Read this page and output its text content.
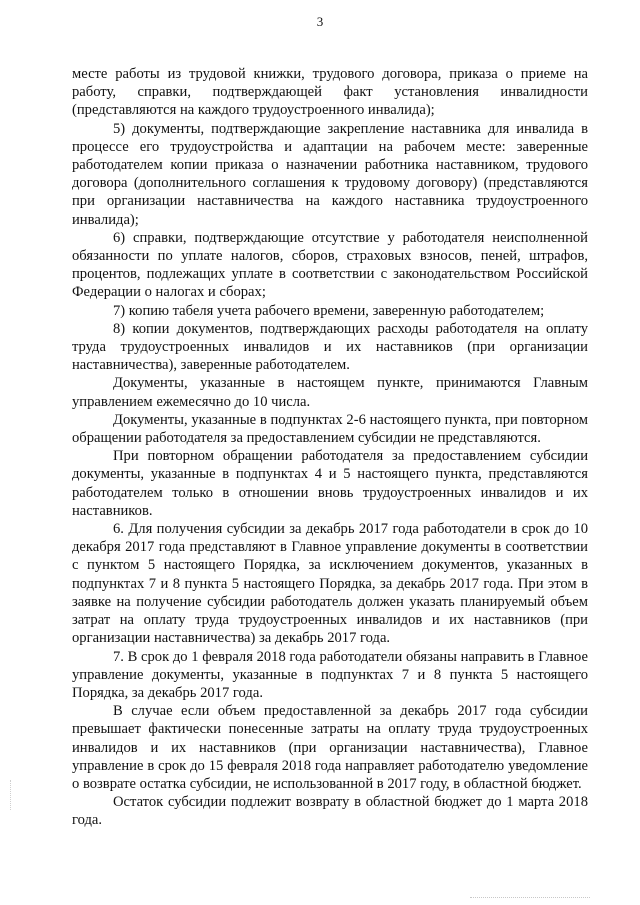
3

месте работы из трудовой книжки, трудового договора, приказа о приеме на работу, справки, подтверждающей факт установления инвалидности (представляются на каждого трудоустроенного инвалида);

5) документы, подтверждающие закрепление наставника для инвалида в процессе его трудоустройства и адаптации на рабочем месте: заверенные работодателем копии приказа о назначении работника наставником, трудового договора (дополнительного соглашения к трудовому договору) (представляются при организации наставничества на каждого наставника трудоустроенного инвалида);

6) справки, подтверждающие отсутствие у работодателя неисполненной обязанности по уплате налогов, сборов, страховых взносов, пеней, штрафов, процентов, подлежащих уплате в соответствии с законодательством Российской Федерации о налогах и сборах;

7) копию табеля учета рабочего времени, заверенную работодателем;

8) копии документов, подтверждающих расходы работодателя на оплату труда трудоустроенных инвалидов и их наставников (при организации наставничества), заверенные работодателем.

Документы, указанные в настоящем пункте, принимаются Главным управлением ежемесячно до 10 числа.

Документы, указанные в подпунктах 2-6 настоящего пункта, при повторном обращении работодателя за предоставлением субсидии не представляются.

При повторном обращении работодателя за предоставлением субсидии документы, указанные в подпунктах 4 и 5 настоящего пункта, представляются работодателем только в отношении вновь трудоустроенных инвалидов и их наставников.

6. Для получения субсидии за декабрь 2017 года работодатели в срок до 10 декабря 2017 года представляют в Главное управление документы в соответствии с пунктом 5 настоящего Порядка, за исключением документов, указанных в подпунктах 7 и 8 пункта 5 настоящего Порядка, за декабрь 2017 года. При этом в заявке на получение субсидии работодатель должен указать планируемый объем затрат на оплату труда трудоустроенных инвалидов и их наставников (при организации наставничества) за декабрь 2017 года.

7. В срок до 1 февраля 2018 года работодатели обязаны направить в Главное управление документы, указанные в подпунктах 7 и 8 пункта 5 настоящего Порядка, за декабрь 2017 года.

В случае если объем предоставленной за декабрь 2017 года субсидии превышает фактически понесенные затраты на оплату труда трудоустроенных инвалидов и их наставников (при организации наставничества), Главное управление в срок до 15 февраля 2018 года направляет работодателю уведомление о возврате остатка субсидии, не использованной в 2017 году, в областной бюджет.

Остаток субсидии подлежит возврату в областной бюджет до 1 марта 2018 года.
